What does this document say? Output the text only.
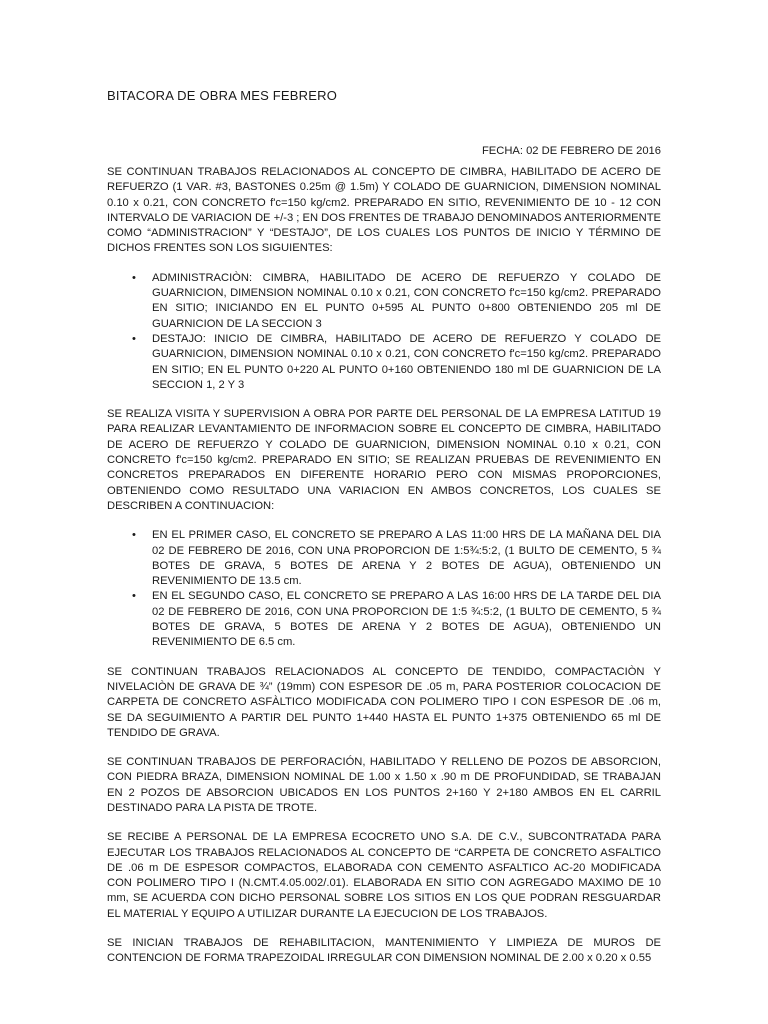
BITACORA DE OBRA MES FEBRERO
FECHA: 02 DE FEBRERO DE 2016

SE CONTINUAN TRABAJOS RELACIONADOS AL CONCEPTO DE CIMBRA, HABILITADO DE ACERO DE REFUERZO (1 VAR. #3, BASTONES 0.25m @ 1.5m) Y COLADO DE GUARNICION, DIMENSION NOMINAL 0.10 x 0.21, CON CONCRETO f'c=150 kg/cm2. PREPARADO EN SITIO, REVENIMIENTO DE 10 - 12 CON INTERVALO DE VARIACION DE +/-3 ; EN DOS FRENTES DE TRABAJO DENOMINADOS ANTERIORMENTE COMO “ADMINISTRACION” Y “DESTAJO”, DE LOS CUALES LOS PUNTOS DE INICIO Y TÉRMINO DE DICHOS FRENTES SON LOS SIGUIENTES:

• ADMINISTRACIÒN: CIMBRA, HABILITADO DE ACERO DE REFUERZO Y COLADO DE GUARNICION, DIMENSION NOMINAL 0.10 x 0.21, CON CONCRETO f'c=150 kg/cm2. PREPARADO EN SITIO; INICIANDO EN EL PUNTO 0+595 AL PUNTO 0+800 OBTENIENDO 205 ml DE GUARNICION DE LA SECCION 3
• DESTAJO: INICIO DE CIMBRA, HABILITADO DE ACERO DE REFUERZO Y COLADO DE GUARNICION, DIMENSION NOMINAL 0.10 x 0.21, CON CONCRETO f'c=150 kg/cm2. PREPARADO EN SITIO; EN EL PUNTO 0+220 AL PUNTO 0+160 OBTENIENDO 180 ml DE GUARNICION DE LA SECCION 1, 2 Y 3

SE REALIZA VISITA Y SUPERVISION A OBRA POR PARTE DEL PERSONAL DE LA EMPRESA LATITUD 19 PARA REALIZAR LEVANTAMIENTO DE INFORMACION SOBRE EL CONCEPTO DE CIMBRA, HABILITADO DE ACERO DE REFUERZO Y COLADO DE GUARNICION, DIMENSION NOMINAL 0.10 x 0.21, CON CONCRETO f'c=150 kg/cm2. PREPARADO EN SITIO; SE REALIZAN PRUEBAS DE REVENIMIENTO EN CONCRETOS PREPARADOS EN DIFERENTE HORARIO PERO CON MISMAS PROPORCIONES, OBTENIENDO COMO RESULTADO UNA VARIACION EN AMBOS CONCRETOS, LOS CUALES SE DESCRIBEN A CONTINUACION:

• EN EL PRIMER CASO, EL CONCRETO SE PREPARO A LAS 11:00 HRS DE LA MAÑANA DEL DIA 02 DE FEBRERO DE 2016, CON UNA PROPORCION DE 1:5¾:5:2, (1 BULTO DE CEMENTO, 5 ¾ BOTES DE GRAVA, 5 BOTES DE ARENA Y 2 BOTES DE AGUA), OBTENIENDO UN REVENIMIENTO DE 13.5 cm.
• EN EL SEGUNDO CASO, EL CONCRETO SE PREPARO A LAS 16:00 HRS DE LA TARDE DEL DIA 02 DE FEBRERO DE 2016, CON UNA PROPORCION DE 1:5 ¾:5:2, (1 BULTO DE CEMENTO, 5 ¾ BOTES DE GRAVA, 5 BOTES DE ARENA Y 2 BOTES DE AGUA), OBTENIENDO UN REVENIMIENTO DE 6.5 cm.

SE CONTINUAN TRABAJOS RELACIONADOS AL CONCEPTO DE TENDIDO, COMPACTACIÒN Y NIVELACIÒN DE GRAVA DE ¾” (19mm) CON ESPESOR DE .05 m, PARA POSTERIOR COLOCACION DE CARPETA DE CONCRETO ASFÀLTICO MODIFICADA CON POLIMERO TIPO I CON ESPESOR DE .06 m, SE DA SEGUIMIENTO A PARTIR DEL PUNTO 1+440 HASTA EL PUNTO 1+375 OBTENIENDO 65 ml DE TENDIDO DE GRAVA.

SE CONTINUAN TRABAJOS DE PERFORACIÓN, HABILITADO Y RELLENO DE POZOS DE ABSORCION, CON PIEDRA BRAZA, DIMENSION NOMINAL DE 1.00 x 1.50 x .90 m DE PROFUNDIDAD, SE TRABAJAN EN 2 POZOS DE ABSORCION UBICADOS EN LOS PUNTOS 2+160 Y 2+180 AMBOS EN EL CARRIL DESTINADO PARA LA PISTA DE TROTE.

SE RECIBE A PERSONAL DE LA EMPRESA ECOCRETO UNO S.A. DE C.V., SUBCONTRATADA PARA EJECUTAR LOS TRABAJOS RELACIONADOS AL CONCEPTO DE “CARPETA DE CONCRETO ASFALTICO DE .06 m DE ESPESOR COMPACTOS, ELABORADA CON CEMENTO ASFALTICO AC-20 MODIFICADA CON POLIMERO TIPO I (N.CMT.4.05.002/.01). ELABORADA EN SITIO CON AGREGADO MAXIMO DE 10 mm, SE ACUERDA CON DICHO PERSONAL SOBRE LOS SITIOS EN LOS QUE PODRAN RESGUARDAR EL MATERIAL Y EQUIPO A UTILIZAR DURANTE LA EJECUCION DE LOS TRABAJOS.

SE INICIAN TRABAJOS DE REHABILITACION, MANTENIMIENTO Y LIMPIEZA DE MUROS DE CONTENCION DE FORMA TRAPEZOIDAL IRREGULAR CON DIMENSION NOMINAL DE 2.00 x 0.20 x 0.55
